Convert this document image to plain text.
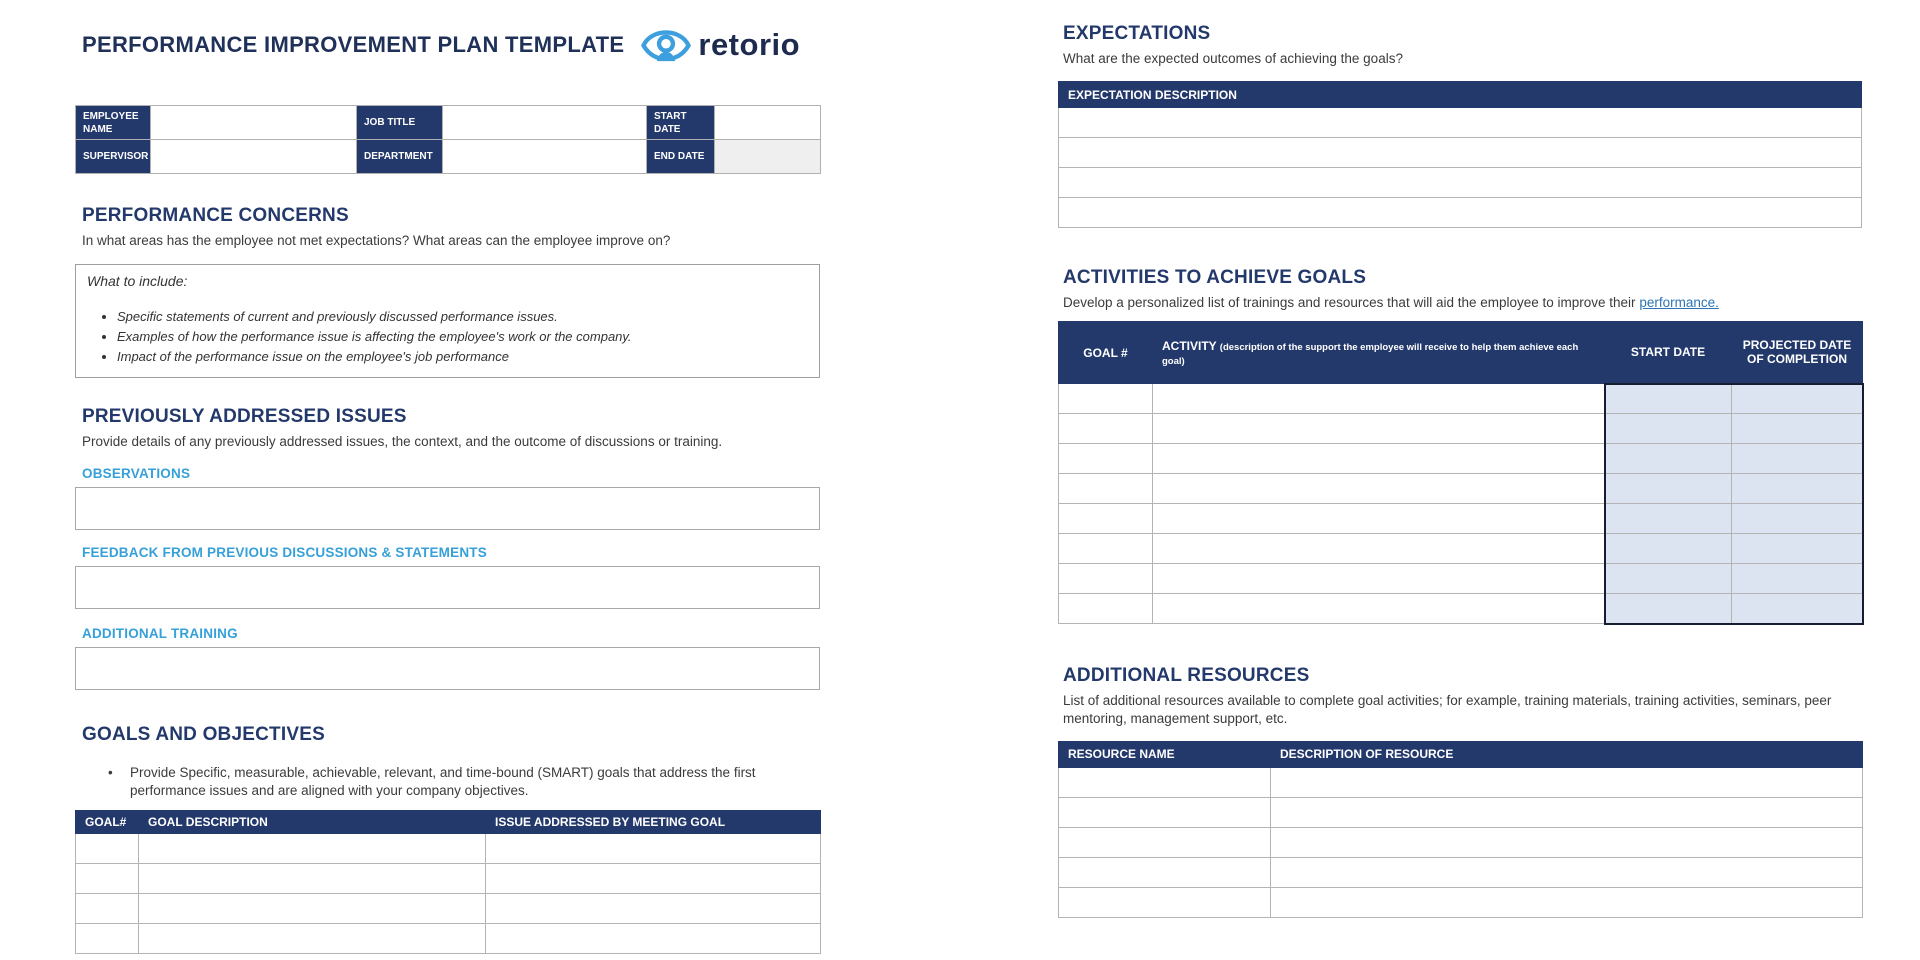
PERFORMANCE IMPROVEMENT PLAN TEMPLATE retorio
EMPLOYEE NAME		JOB TITLE		START DATE	
SUPERVISOR		DEPARTMENT		END DATE	
PERFORMANCE CONCERNS

In what areas has the employee not met expectations? What areas can the employee improve on?

What to include:
• Specific statements of current and previously discussed performance issues.
• Examples of how the performance issue is affecting the employee's work or the company.
• Impact of the performance issue on the employee's job performance
PREVIOUSLY ADDRESSED ISSUES

Provide details of any previously addressed issues, the context, and the outcome of discussions or training.

OBSERVATIONS
FEEDBACK FROM PREVIOUS DISCUSSIONS & STATEMENTS
ADDITIONAL TRAINING
GOALS AND OBJECTIVES
•	Provide Specific, measurable, achievable, relevant, and time-bound (SMART) goals that address the first performance issues and are aligned with your company objectives.
GOAL#	GOAL DESCRIPTION	ISSUE ADDRESSED BY MEETING GOAL

EXPECTATIONS

What are the expected outcomes of achieving the goals?

EXPECTATION DESCRIPTION

ACTIVITIES TO ACHIEVE GOALS

Develop a personalized list of trainings and resources that will aid the employee to improve their performance.

GOAL #	ACTIVITY (description of the support the employee will receive to help them achieve each goal)	START DATE	PROJECTED DATE OF COMPLETION

ADDITIONAL RESOURCES

List of additional resources available to complete goal activities; for example, training materials, training activities, seminars, peer mentoring, management support, etc.

RESOURCE NAME	DESCRIPTION OF RESOURCE
